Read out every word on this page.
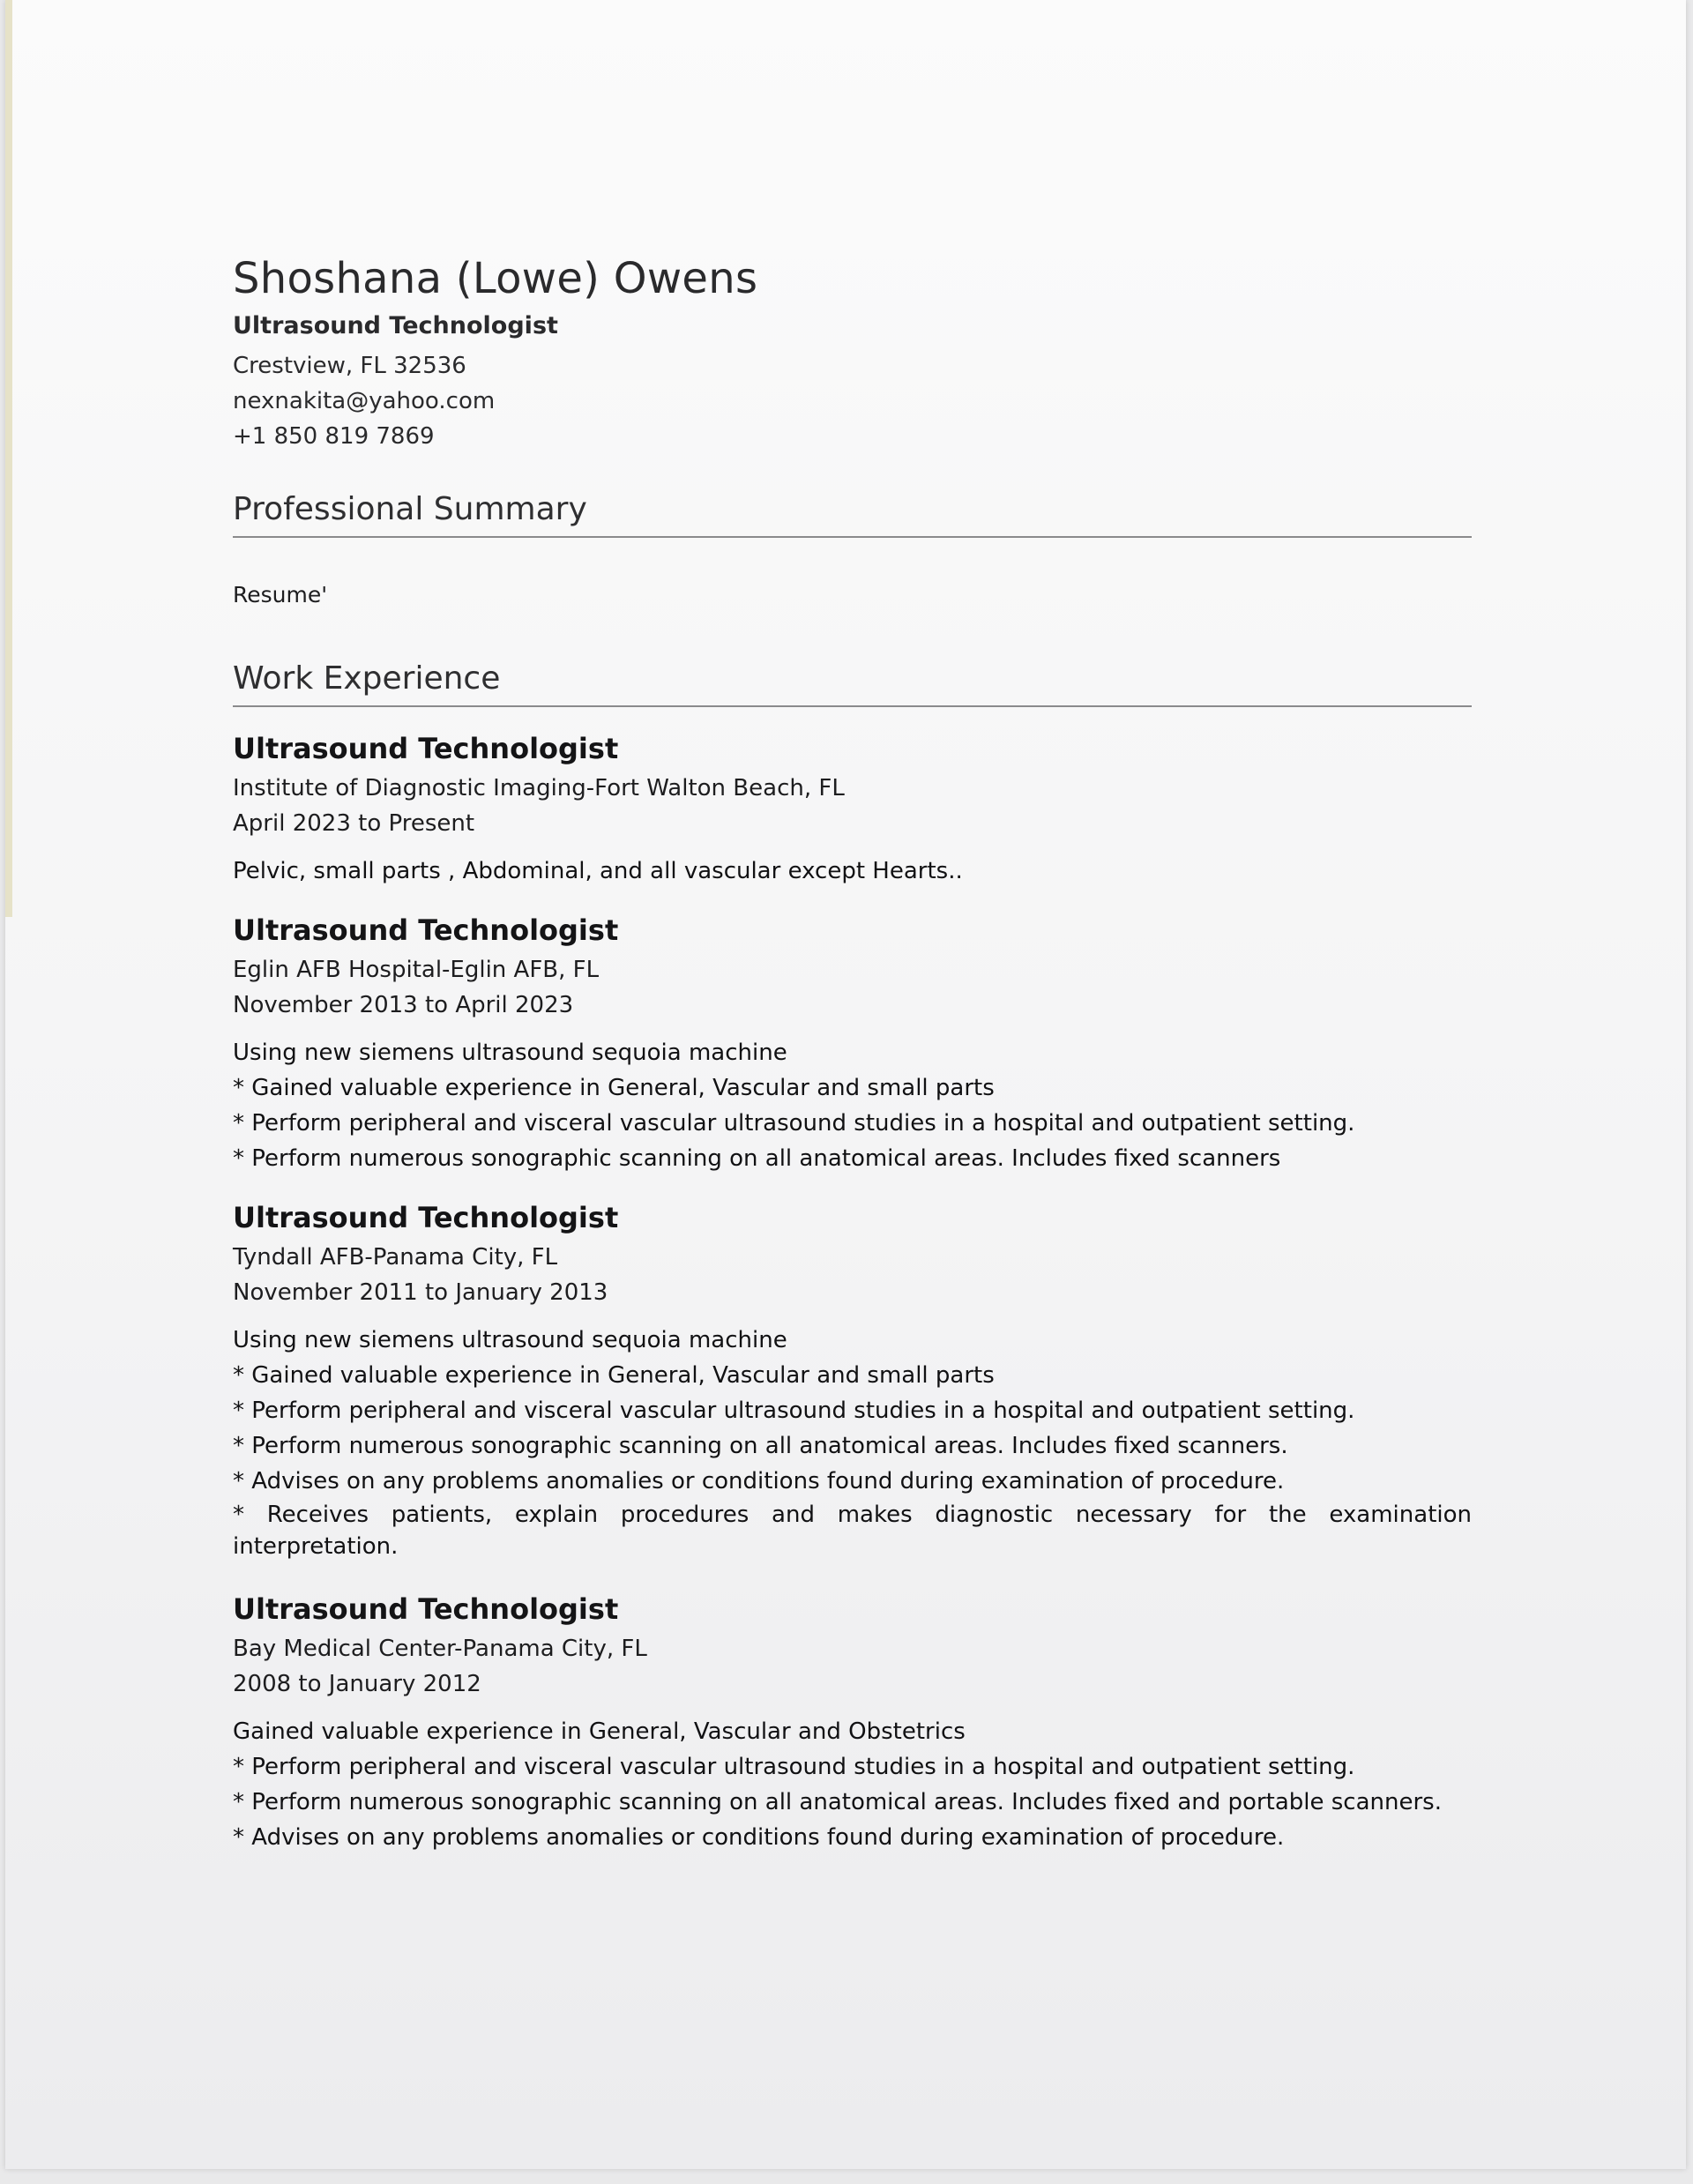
Shoshana (Lowe) Owens
Ultrasound Technologist
Crestview, FL 32536
nexnakita@yahoo.com
+1 850 819 7869
Professional Summary
Resume'
Work Experience
Ultrasound Technologist
Institute of Diagnostic Imaging-Fort Walton Beach, FL
April 2023 to Present
Pelvic, small parts , Abdominal, and all vascular except Hearts..
Ultrasound Technologist
Eglin AFB Hospital-Eglin AFB, FL
November 2013 to April 2023
Using new siemens ultrasound sequoia machine
* Gained valuable experience in General, Vascular and small parts
* Perform peripheral and visceral vascular ultrasound studies in a hospital and outpatient setting.
* Perform numerous sonographic scanning on all anatomical areas. Includes fixed scanners
Ultrasound Technologist
Tyndall AFB-Panama City, FL
November 2011 to January 2013
Using new siemens ultrasound sequoia machine
* Gained valuable experience in General, Vascular and small parts
* Perform peripheral and visceral vascular ultrasound studies in a hospital and outpatient setting.
* Perform numerous sonographic scanning on all anatomical areas. Includes fixed scanners.
* Advises on any problems anomalies or conditions found during examination of procedure.
* Receives patients, explain procedures and makes diagnostic necessary for the examination interpretation.
Ultrasound Technologist
Bay Medical Center-Panama City, FL
2008 to January 2012
Gained valuable experience in General, Vascular and Obstetrics
* Perform peripheral and visceral vascular ultrasound studies in a hospital and outpatient setting.
* Perform numerous sonographic scanning on all anatomical areas. Includes fixed and portable scanners.
* Advises on any problems anomalies or conditions found during examination of procedure.
